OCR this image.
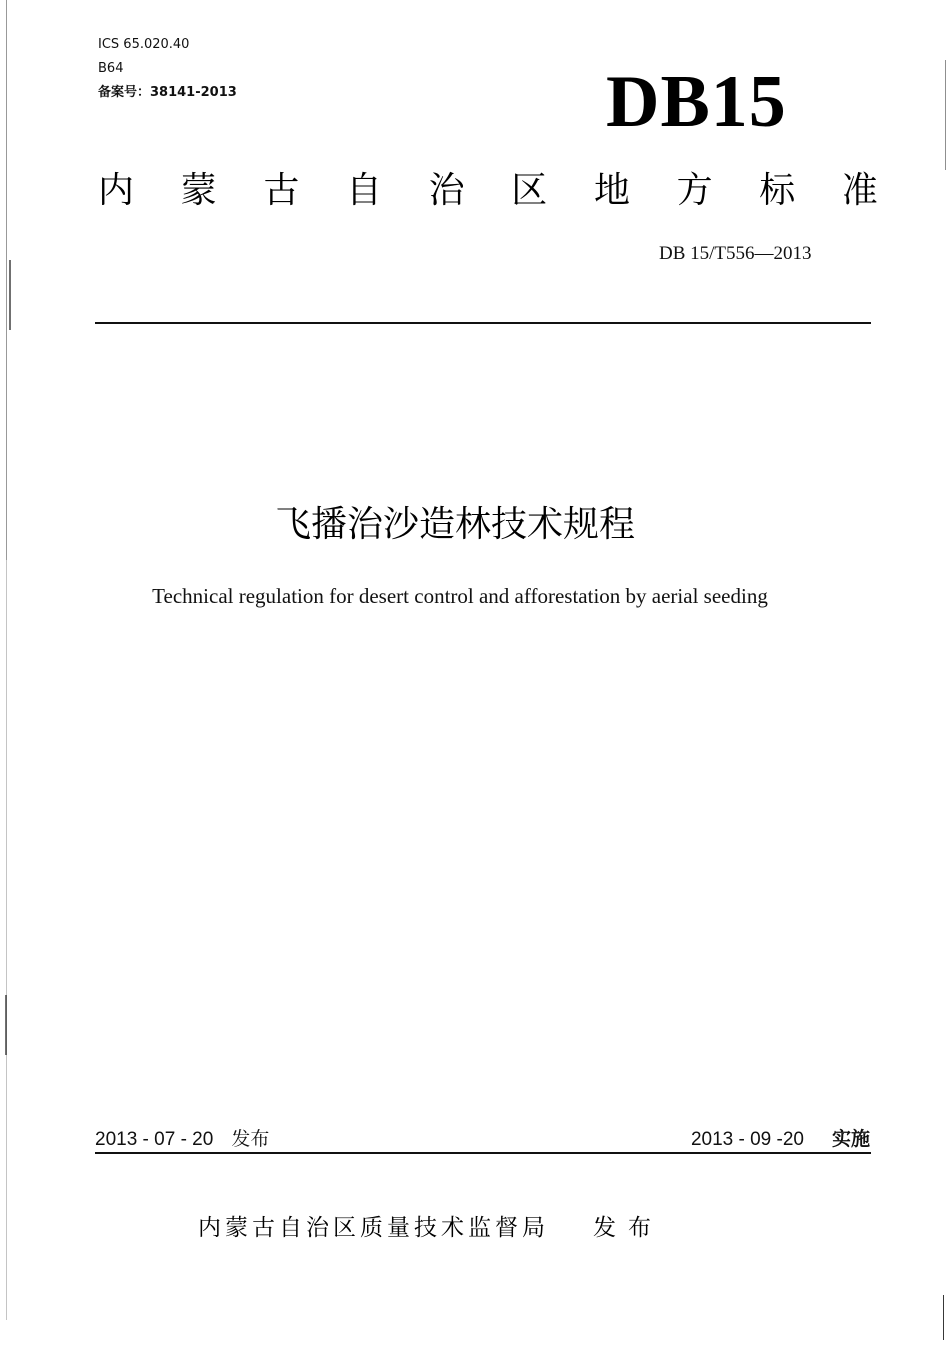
ICS 65.020.40
B64
备案号：38141-2013	DB15
内 蒙 古 自 治 区 地 方 标 准
DB 15/T556—2013
飞播治沙造林技术规程
Technical regulation for desert control and afforestation by aerial seeding
2013 - 07 - 20 发布	2013 - 09 -20 实施
内蒙古自治区质量技术监督局 发布
